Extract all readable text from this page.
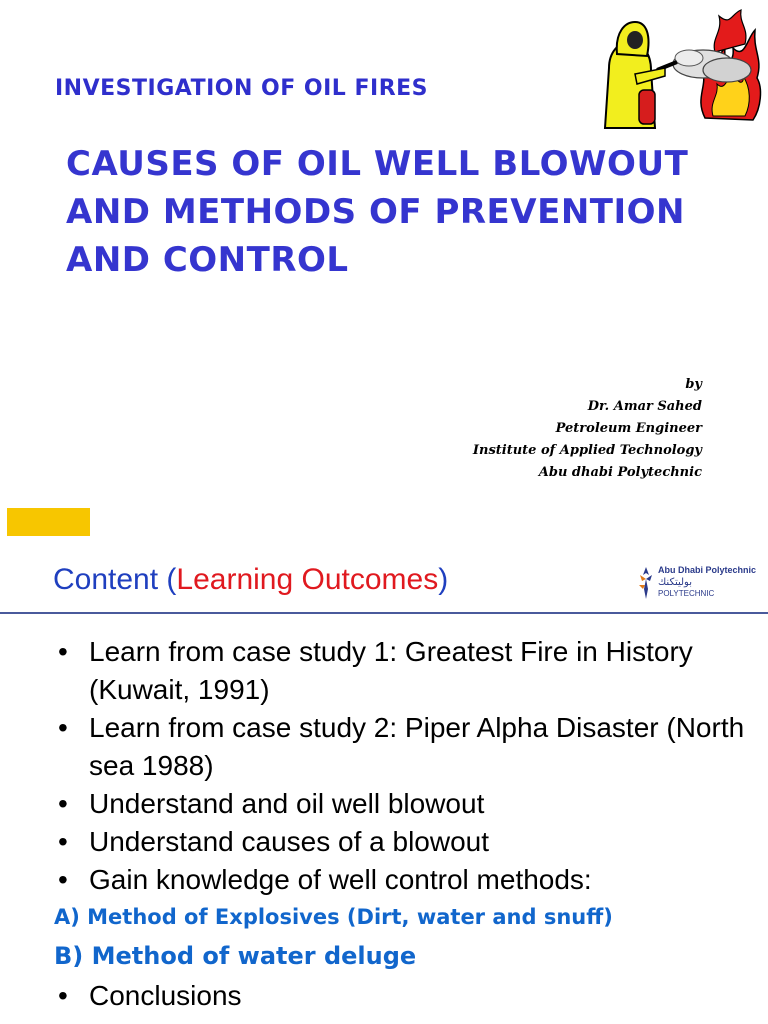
INVESTIGATION OF OIL FIRES
CAUSES OF OIL WELL BLOWOUT
AND METHODS OF PREVENTION
AND CONTROL
by
Dr. Amar Sahed
Petroleum Engineer
Institute of Applied Technology
Abu dhabi Polytechnic
Content (Learning Outcomes)	Abu Dhabi Polytechnic
بوليتكنك
POLYTECHNIC
• Learn from case study 1: Greatest Fire in History (Kuwait, 1991)
• Learn from case study 2: Piper Alpha Disaster (North sea 1988)
• Understand and oil well blowout
• Understand causes of a blowout
• Gain knowledge of well control methods:
A) Method of Explosives (Dirt, water and snuff)
B) Method of water deluge
• Conclusions
